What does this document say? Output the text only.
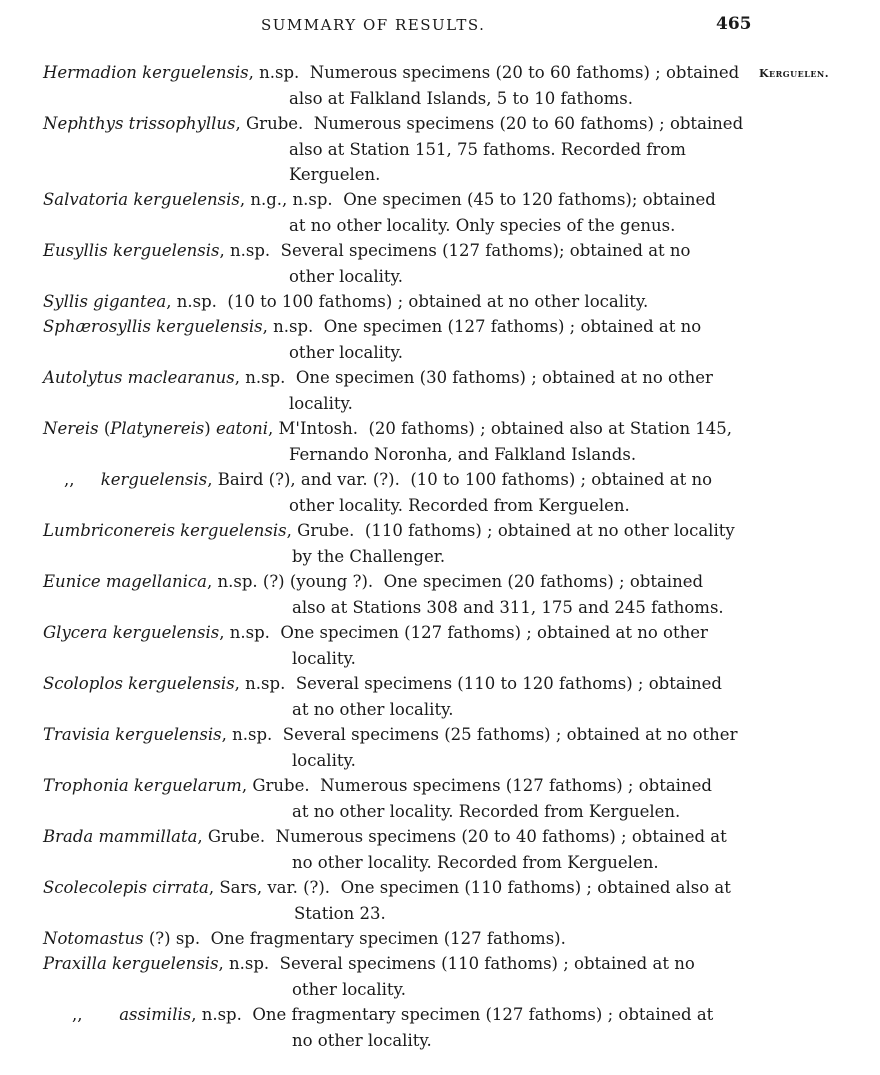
SUMMARY OF RESULTS.	465
Kerguelen.
Hermadion kerguelensis, n.sp. Numerous specimens (20 to 60 fathoms) ; obtained
also at Falkland Islands, 5 to 10 fathoms.
Nephthys trissophyllus, Grube. Numerous specimens (20 to 60 fathoms) ; obtained
also at Station 151, 75 fathoms. Recorded from
Kerguelen.
Salvatoria kerguelensis, n.g., n.sp. One specimen (45 to 120 fathoms); obtained
at no other locality. Only species of the genus.
Eusyllis kerguelensis, n.sp. Several specimens (127 fathoms); obtained at no
other locality.
Syllis gigantea, n.sp. (10 to 100 fathoms) ; obtained at no other locality.
Sphærosyllis kerguelensis, n.sp. One specimen (127 fathoms) ; obtained at no
other locality.
Autolytus maclearanus, n.sp. One specimen (30 fathoms) ; obtained at no other
locality.
Nereis (Platynereis) eatoni, M'Intosh. (20 fathoms) ; obtained also at Station 145,
Fernando Noronha, and Falkland Islands.
,, kerguelensis, Baird (?), and var. (?). (10 to 100 fathoms) ; obtained at no
other locality. Recorded from Kerguelen.
Lumbriconereis kerguelensis, Grube. (110 fathoms) ; obtained at no other locality
by the Challenger.
Eunice magellanica, n.sp. (?) (young ?). One specimen (20 fathoms) ; obtained
also at Stations 308 and 311, 175 and 245 fathoms.
Glycera kerguelensis, n.sp. One specimen (127 fathoms) ; obtained at no other
locality.
Scoloplos kerguelensis, n.sp. Several specimens (110 to 120 fathoms) ; obtained
at no other locality.
Travisia kerguelensis, n.sp. Several specimens (25 fathoms) ; obtained at no other
locality.
Trophonia kerguelarum, Grube. Numerous specimens (127 fathoms) ; obtained
at no other locality. Recorded from Kerguelen.
Brada mammillata, Grube. Numerous specimens (20 to 40 fathoms) ; obtained at
no other locality. Recorded from Kerguelen.
Scolecolepis cirrata, Sars, var. (?). One specimen (110 fathoms) ; obtained also at
Station 23.
Notomastus (?) sp. One fragmentary specimen (127 fathoms).
Praxilla kerguelensis, n.sp. Several specimens (110 fathoms) ; obtained at no
other locality.
,, assimilis, n.sp. One fragmentary specimen (127 fathoms) ; obtained at
no other locality.
